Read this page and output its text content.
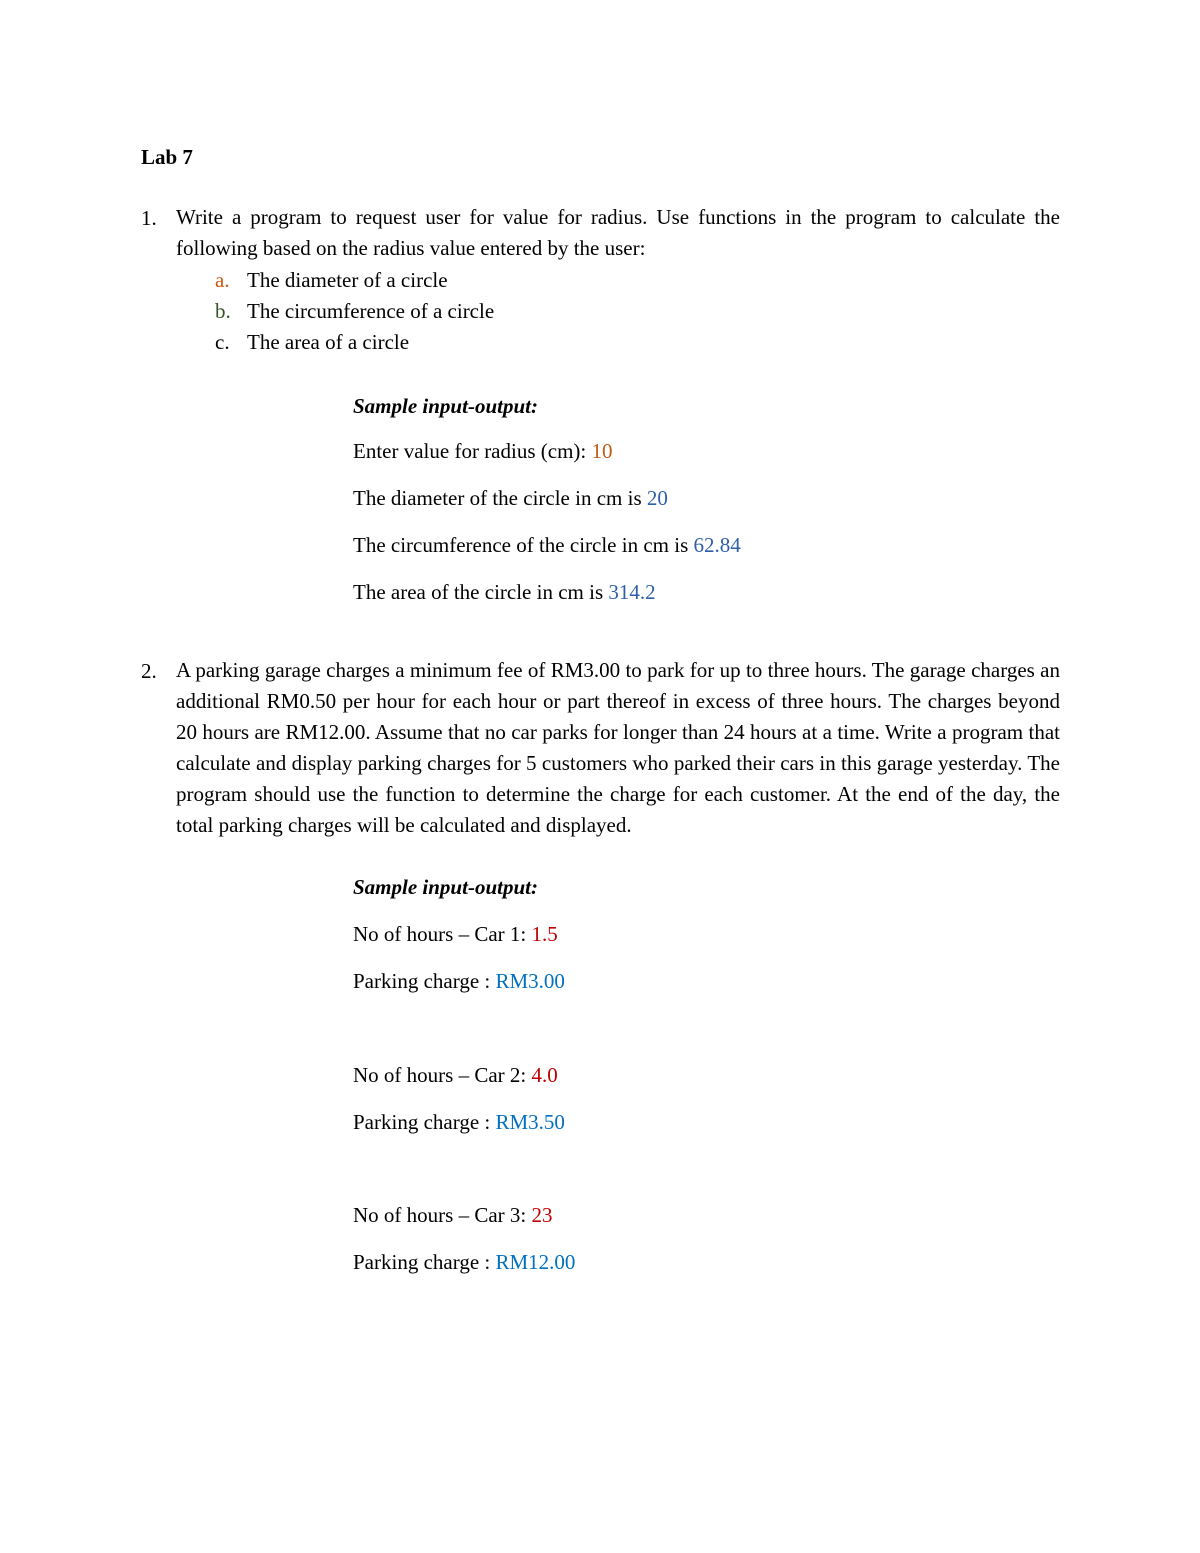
Lab 7
1. Write a program to request user for value for radius. Use functions in the program to calculate the following based on the radius value entered by the user:
a. The diameter of a circle
b. The circumference of a circle
c. The area of a circle
Sample input-output:
Enter value for radius (cm): 10
The diameter of the circle in cm is 20
The circumference of the circle in cm is 62.84
The area of the circle in cm is 314.2
2. A parking garage charges a minimum fee of RM3.00 to park for up to three hours. The garage charges an additional RM0.50 per hour for each hour or part thereof in excess of three hours. The charges beyond 20 hours are RM12.00. Assume that no car parks for longer than 24 hours at a time. Write a program that calculate and display parking charges for 5 customers who parked their cars in this garage yesterday. The program should use the function to determine the charge for each customer. At the end of the day, the total parking charges will be calculated and displayed.
Sample input-output:
No of hours – Car 1: 1.5
Parking charge : RM3.00
No of hours – Car 2: 4.0
Parking charge : RM3.50
No of hours – Car 3: 23
Parking charge : RM12.00
